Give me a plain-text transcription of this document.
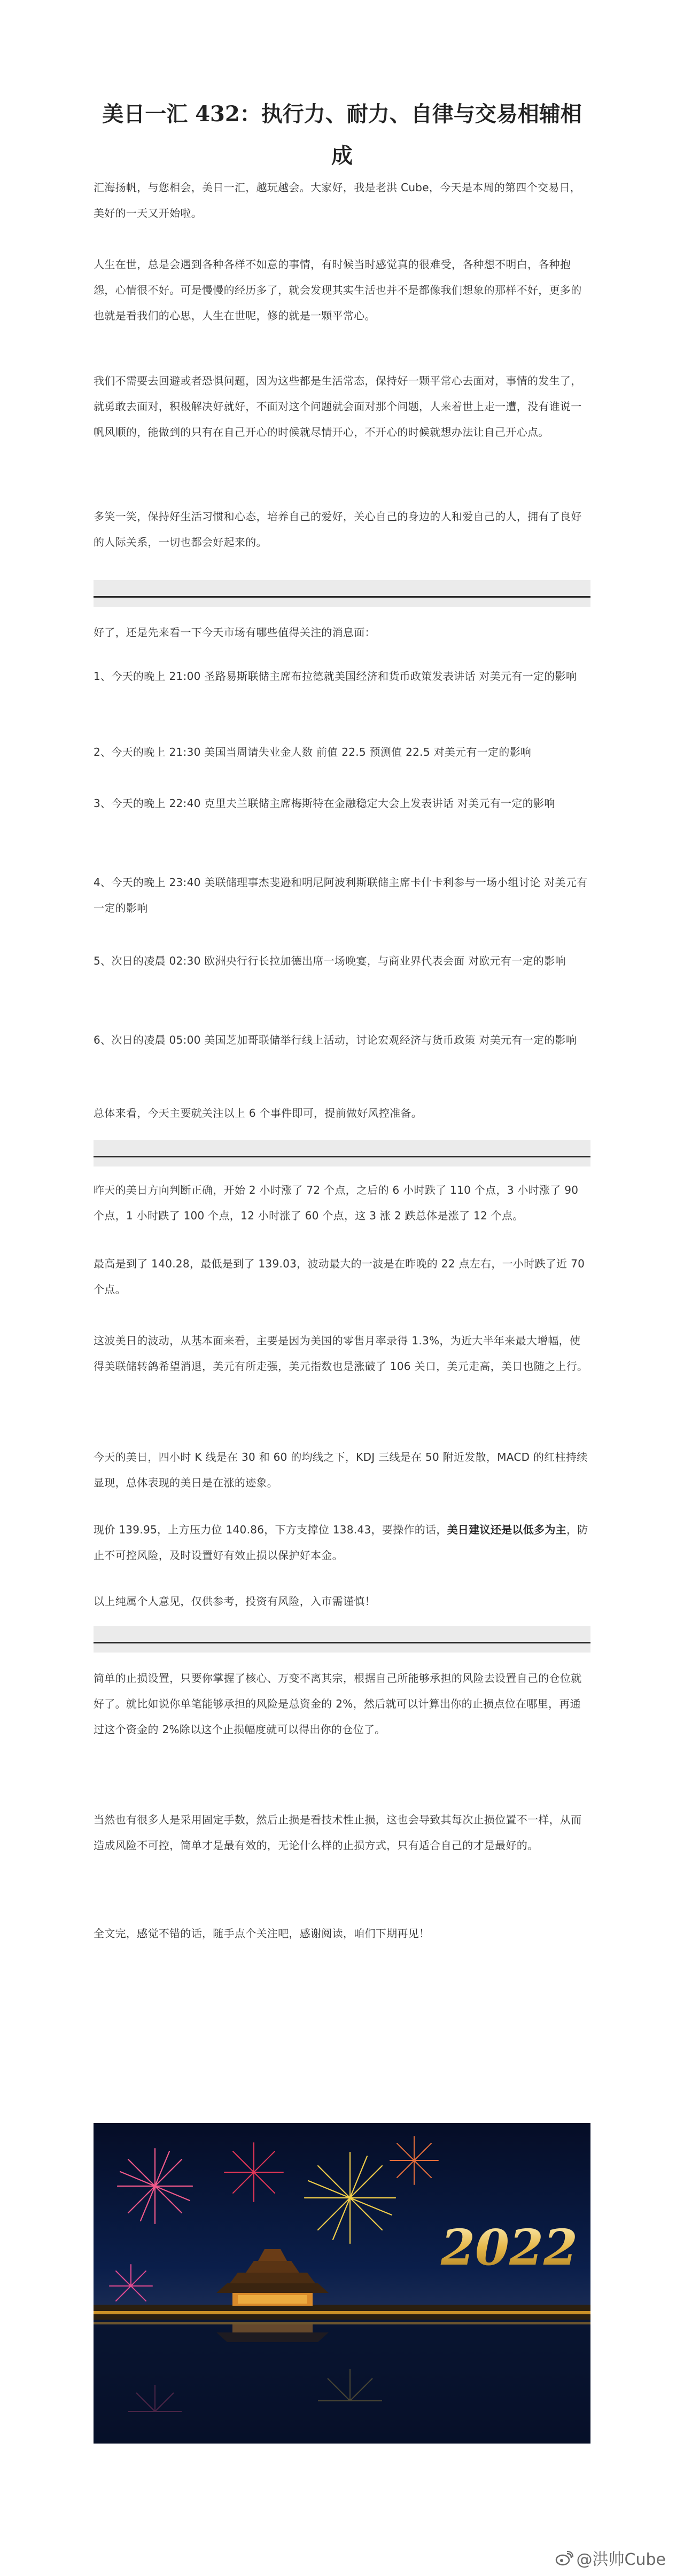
美日一汇 432：执行力、耐力、自律与交易相辅相成

汇海扬帆，与您相会，美日一汇，越玩越会。大家好，我是老洪 Cube，今天是本周的第四个交易日，美好的一天又开始啦。

人生在世，总是会遇到各种各样不如意的事情，有时候当时感觉真的很难受，各种想不明白，各种抱怨，心情很不好。可是慢慢的经历多了，就会发现其实生活也并不是都像我们想象的那样不好，更多的也就是看我们的心思，人生在世呢，修的就是一颗平常心。

我们不需要去回避或者恐惧问题，因为这些都是生活常态，保持好一颗平常心去面对，事情的发生了，就勇敢去面对，积极解决好就好，不面对这个问题就会面对那个问题，人来着世上走一遭，没有谁说一帆风顺的，能做到的只有在自己开心的时候就尽情开心，不开心的时候就想办法让自己开心点。

多笑一笑，保持好生活习惯和心态，培养自己的爱好，关心自己的身边的人和爱自己的人，拥有了良好的人际关系，一切也都会好起来的。

好了，还是先来看一下今天市场有哪些值得关注的消息面：

1、今天的晚上 21:00 圣路易斯联储主席布拉德就美国经济和货币政策发表讲话 对美元有一定的影响

2、今天的晚上 21:30 美国当周请失业金人数 前值 22.5 预测值 22.5 对美元有一定的影响

3、今天的晚上 22:40 克里夫兰联储主席梅斯特在金融稳定大会上发表讲话 对美元有一定的影响

4、今天的晚上 23:40 美联储理事杰斐逊和明尼阿波利斯联储主席卡什卡利参与一场小组讨论 对美元有一定的影响

5、次日的凌晨 02:30 欧洲央行行长拉加德出席一场晚宴，与商业界代表会面 对欧元有一定的影响

6、次日的凌晨 05:00 美国芝加哥联储举行线上活动，讨论宏观经济与货币政策 对美元有一定的影响

总体来看，今天主要就关注以上 6 个事件即可，提前做好风控准备。

昨天的美日方向判断正确，开始 2 小时涨了 72 个点，之后的 6 小时跌了 110 个点，3 小时涨了 90 个点，1 小时跌了 100 个点，12 小时涨了 60 个点，这 3 涨 2 跌总体是涨了 12 个点。

最高是到了 140.28，最低是到了 139.03，波动最大的一波是在昨晚的 22 点左右，一小时跌了近 70 个点。

这波美日的波动，从基本面来看，主要是因为美国的零售月率录得 1.3%，为近大半年来最大增幅，使得美联储转鸽希望消退，美元有所走强，美元指数也是涨破了 106 关口，美元走高，美日也随之上行。

今天的美日，四小时 K 线是在 30 和 60 的均线之下，KDJ 三线是在 50 附近发散，MACD 的红柱持续显现，总体表现的美日是在涨的迹象。

现价 139.95，上方压力位 140.86，下方支撑位 138.43，要操作的话，美日建议还是以低多为主，防止不可控风险，及时设置好有效止损以保护好本金。

以上纯属个人意见，仅供参考，投资有风险，入市需谨慎！

简单的止损设置，只要你掌握了核心、万变不离其宗，根据自己所能够承担的风险去设置自己的仓位就好了。就比如说你单笔能够承担的风险是总资金的 2%，然后就可以计算出你的止损点位在哪里，再通过这个资金的 2%除以这个止损幅度就可以得出你的仓位了。

当然也有很多人是采用固定手数，然后止损是看技术性止损，这也会导致其每次止损位置不一样，从而造成风险不可控，简单才是最有效的，无论什么样的止损方式，只有适合自己的才是最好的。

全文完，感觉不错的话，随手点个关注吧，感谢阅读，咱们下期再见！

2022
@洪帅Cube
